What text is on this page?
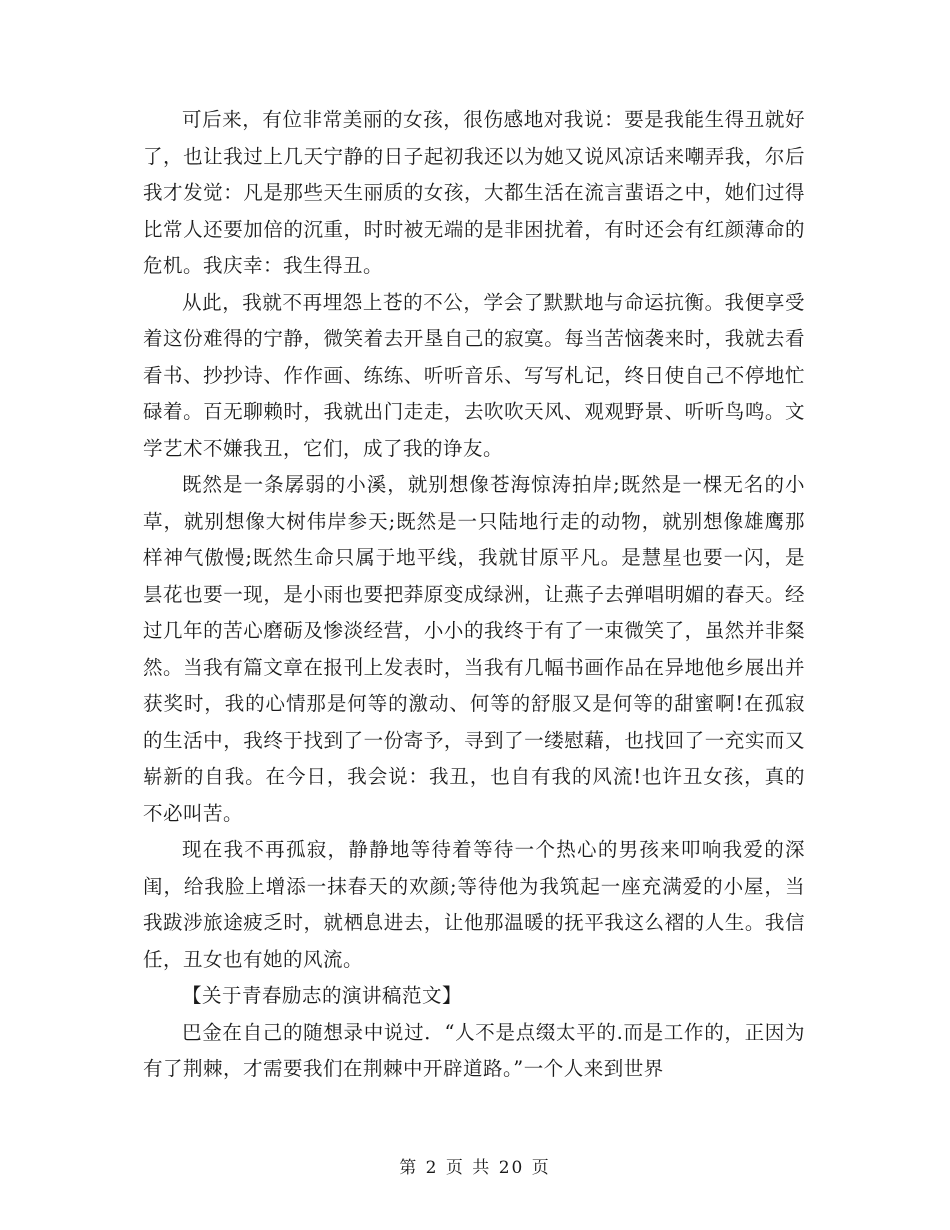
可后来，有位非常美丽的女孩，很伤感地对我说：要是我能生得丑就好了，也让我过上几天宁静的日子起初我还以为她又说风凉话来嘲弄我，尔后我才发觉：凡是那些天生丽质的女孩，大都生活在流言蜚语之中，她们过得比常人还要加倍的沉重，时时被无端的是非困扰着，有时还会有红颜薄命的危机。我庆幸：我生得丑。

从此，我就不再埋怨上苍的不公，学会了默默地与命运抗衡。我便享受着这份难得的宁静，微笑着去开垦自己的寂寞。每当苦恼袭来时，我就去看看书、抄抄诗、作作画、练练、听听音乐、写写札记，终日使自己不停地忙碌着。百无聊赖时，我就出门走走，去吹吹天风、观观野景、听听鸟鸣。文学艺术不嫌我丑，它们，成了我的诤友。

既然是一条孱弱的小溪，就别想像苍海惊涛拍岸;既然是一棵无名的小草，就别想像大树伟岸参天;既然是一只陆地行走的动物，就别想像雄鹰那样神气傲慢;既然生命只属于地平线，我就甘原平凡。是慧星也要一闪，是昙花也要一现，是小雨也要把莽原变成绿洲，让燕子去弹唱明媚的春天。经过几年的苦心磨砺及惨淡经营，小小的我终于有了一束微笑了，虽然并非粲然。当我有篇文章在报刊上发表时，当我有几幅书画作品在异地他乡展出并获奖时，我的心情那是何等的激动、何等的舒服又是何等的甜蜜啊!在孤寂的生活中，我终于找到了一份寄予，寻到了一缕慰藉，也找回了一充实而又崭新的自我。在今日，我会说：我丑，也自有我的风流!也许丑女孩，真的不必叫苦。

现在我不再孤寂，静静地等待着等待一个热心的男孩来叩响我爱的深闺，给我脸上增添一抹春天的欢颜;等待他为我筑起一座充满爱的小屋，当我跋涉旅途疲乏时，就栖息进去，让他那温暖的抚平我这么褶的人生。我信任，丑女也有她的风流。

【关于青春励志的演讲稿范文】

巴金在自己的随想录中说过．“人不是点缀太平的.而是工作的，正因为有了荆棘，才需要我们在荆棘中开辟道路。”一个人来到世界

第 2 页 共 20 页
